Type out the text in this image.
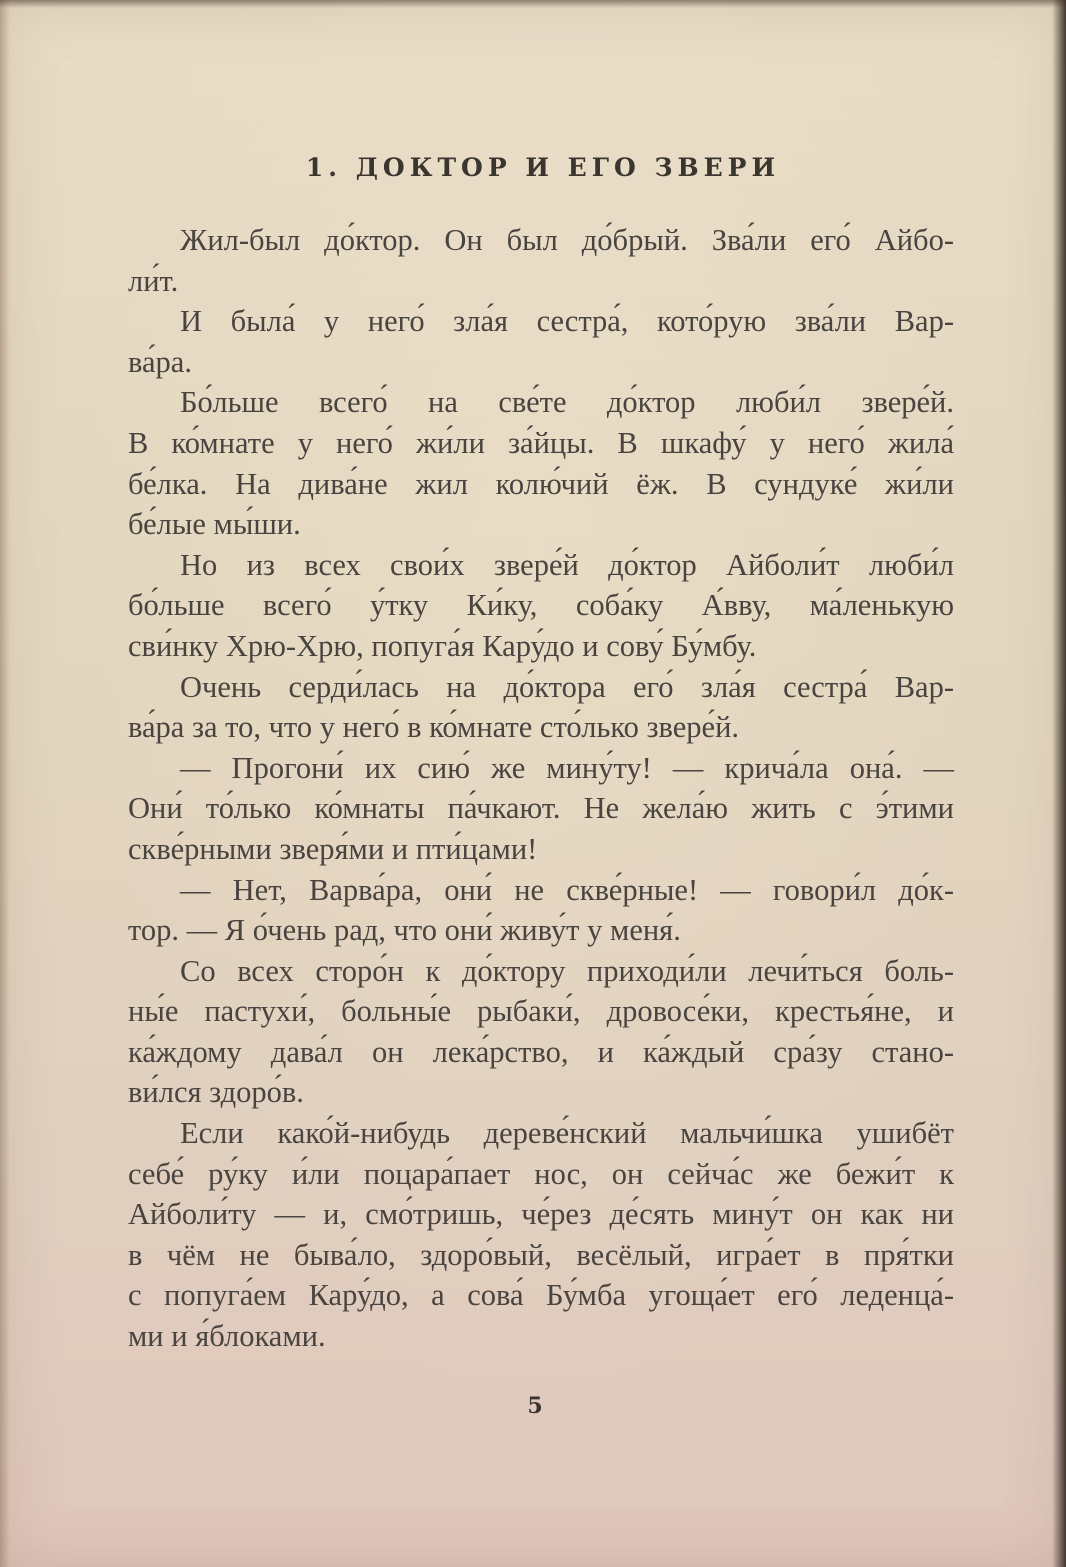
1. ДОКТОР И ЕГО ЗВЕРИ
Жил-был до́ктор. Он был до́брый. Зва́ли его́ Айбо-
ли́т.
И была́ у него́ зла́я сестра́, кото́рую зва́ли Вар-
ва́ра.
Бо́льше всего́ на све́те до́ктор люби́л звере́й.
В ко́мнате у него́ жи́ли за́йцы. В шкафу́ у него́ жила́
бе́лка. На дива́не жил колю́чий ёж. В сундуке́ жи́ли
бе́лые мы́ши.
Но из всех свои́х звере́й до́ктор Айболи́т люби́л
бо́льше всего́ у́тку Ки́ку, соба́ку А́вву, ма́ленькую
сви́нку Хрю-Хрю, попуга́я Кару́до и сову́ Бу́мбу.
Очень серди́лась на до́ктора его́ зла́я сестра́ Вар-
ва́ра за то, что у него́ в ко́мнате сто́лько звере́й.
— Прогони́ их сию́ же мину́ту! — крича́ла она́. —
Они́ то́лько ко́мнаты па́чкают. Не жела́ю жить с э́тими
скве́рными зверя́ми и пти́цами!
— Нет, Варва́ра, они́ не скве́рные! — говори́л до́к-
тор. — Я о́чень рад, что они́ живу́т у меня́.
Со всех сторо́н к до́ктору приходи́ли лечи́ться боль-
ны́е пастухи́, больны́е рыбаки́, дровосе́ки, крестья́не, и
ка́ждому дава́л он лека́рство, и ка́ждый сра́зу стано-
ви́лся здоро́в.
Если како́й-нибудь дереве́нский мальчи́шка ушибёт
себе́ ру́ку и́ли поцара́пает нос, он сейча́с же бежи́т к
Айболи́ту — и, смо́тришь, че́рез де́сять мину́т он как ни
в чём не быва́ло, здоро́вый, весёлый, игра́ет в пря́тки
с попуга́ем Кару́до, а сова́ Бу́мба угоща́ет его́ леденца́-
ми и я́блоками.
5
